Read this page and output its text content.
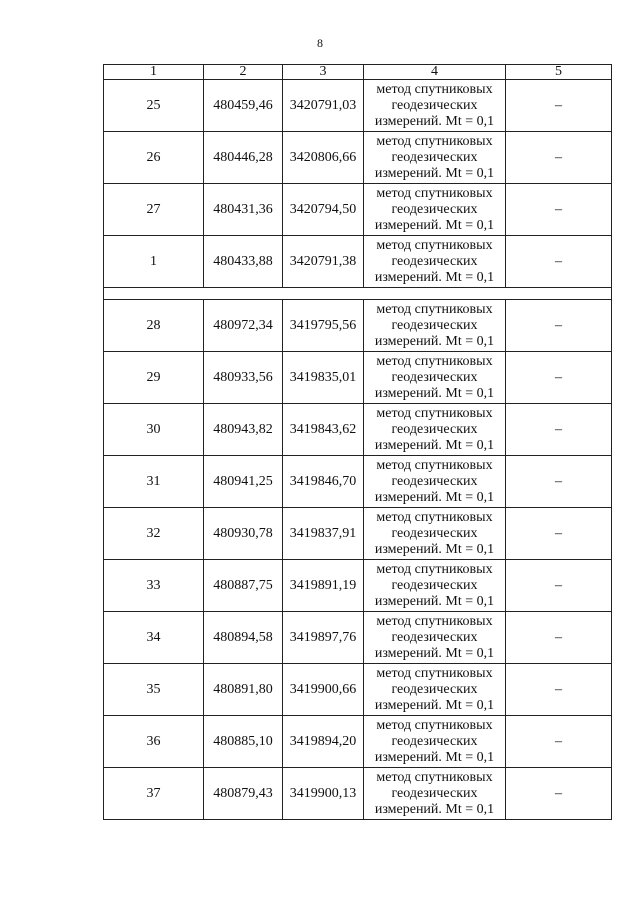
8
1	2	3	4	5
25	480459,46	3420791,03	метод спутниковых геодезических измерений. Mt = 0,1	–
26	480446,28	3420806,66	метод спутниковых геодезических измерений. Mt = 0,1	–
27	480431,36	3420794,50	метод спутниковых геодезических измерений. Mt = 0,1	–
1	480433,88	3420791,38	метод спутниковых геодезических измерений. Mt = 0,1	–

28	480972,34	3419795,56	метод спутниковых геодезических измерений. Mt = 0,1	–
29	480933,56	3419835,01	метод спутниковых геодезических измерений. Mt = 0,1	–
30	480943,82	3419843,62	метод спутниковых геодезических измерений. Mt = 0,1	–
31	480941,25	3419846,70	метод спутниковых геодезических измерений. Mt = 0,1	–
32	480930,78	3419837,91	метод спутниковых геодезических измерений. Mt = 0,1	–
33	480887,75	3419891,19	метод спутниковых геодезических измерений. Mt = 0,1	–
34	480894,58	3419897,76	метод спутниковых геодезических измерений. Mt = 0,1	–
35	480891,80	3419900,66	метод спутниковых геодезических измерений. Mt = 0,1	–
36	480885,10	3419894,20	метод спутниковых геодезических измерений. Mt = 0,1	–
37	480879,43	3419900,13	метод спутниковых геодезических измерений. Mt = 0,1	–
